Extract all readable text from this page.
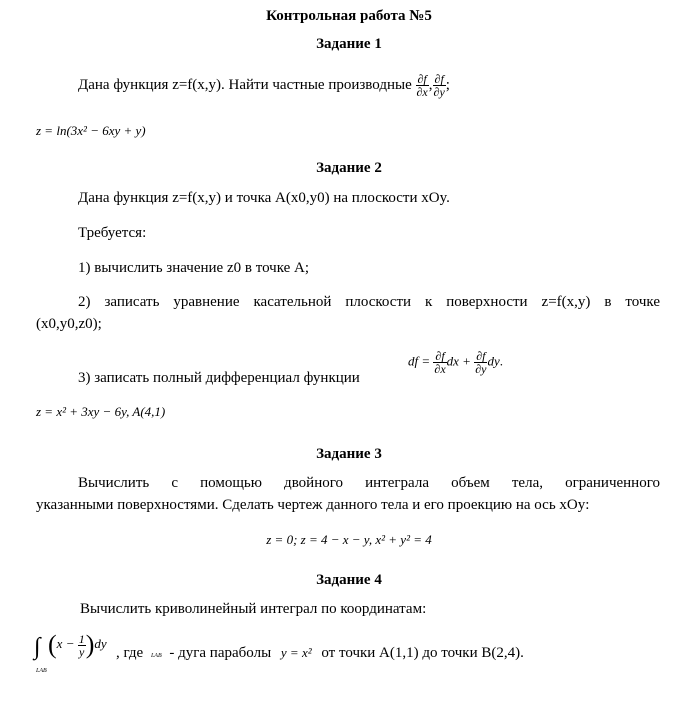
Контрольная работа №5
Задание 1
Дана функция z=f(x,y). Найти частные производные $\frac{\partial f}{\partial x}$ , $\frac{\partial f}{\partial y}$ ;
z = ln(3x² − 6xy + y)
Задание 2
Дана функция z=f(x,y) и точка A(x0,y0) на плоскости xOy.
Требуется:
1) вычислить значение z0 в точке A;
2) записать уравнение касательной плоскости к поверхности z=f(x,y) в точке
(x0,y0,z0);
3) записать полный дифференциал функции
df = $\frac{\partial f}{\partial x}$ dx + $\frac{\partial f}{\partial y}$ dy.
z = x² + 3xy − 6y, A(4,1)
Задание 3
Вычислить с помощью двойного интеграла объем тела, ограниченного
указанными поверхностями. Сделать чертеж данного тела и его проекцию на ось xOy:
z = 0; z = 4 − x − y, x² + y² = 4
Задание 4
Вычислить криволинейный интеграл по координатам:
∫
LAB
$(x - \frac{1}{y} )dy$
, где LAB - дуга параболы y = x² от точки A(1,1) до точки B(2,4).
